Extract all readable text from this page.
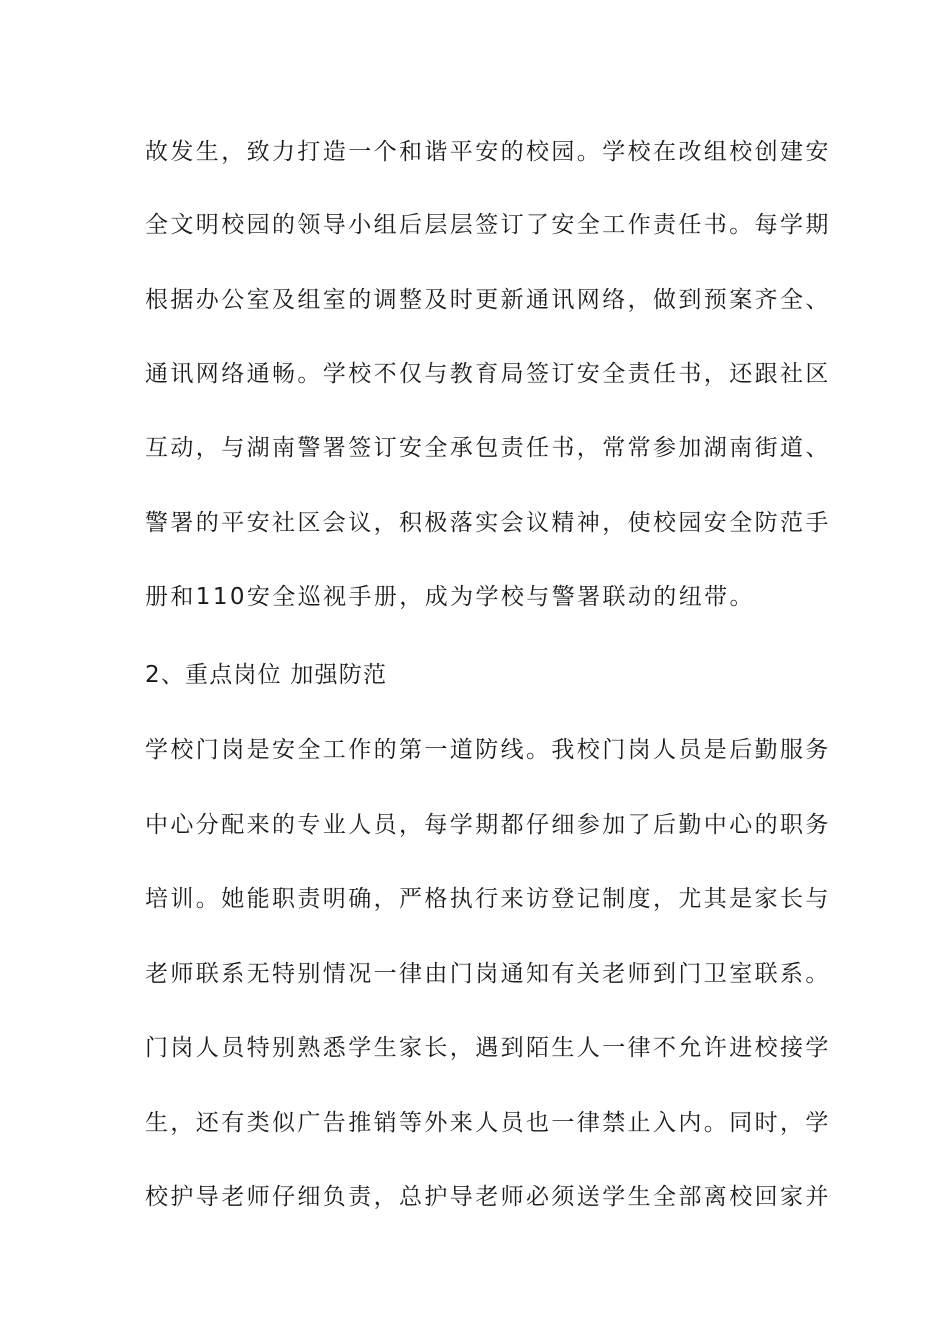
故发生，致力打造一个和谐平安的校园。学校在改组校创建安
全文明校园的领导小组后层层签订了安全工作责任书。每学期
根据办公室及组室的调整及时更新通讯网络，做到预案齐全、
通讯网络通畅。学校不仅与教育局签订安全责任书，还跟社区
互动，与湖南警署签订安全承包责任书，常常参加湖南街道、
警署的平安社区会议，积极落实会议精神，使校园安全防范手
册和110安全巡视手册，成为学校与警署联动的纽带。
2、重点岗位 加强防范
学校门岗是安全工作的第一道防线。我校门岗人员是后勤服务
中心分配来的专业人员，每学期都仔细参加了后勤中心的职务
培训。她能职责明确，严格执行来访登记制度，尤其是家长与
老师联系无特别情况一律由门岗通知有关老师到门卫室联系。
门岗人员特别熟悉学生家长，遇到陌生人一律不允许进校接学
生，还有类似广告推销等外来人员也一律禁止入内。同时，学
校护导老师仔细负责，总护导老师必须送学生全部离校回家并
